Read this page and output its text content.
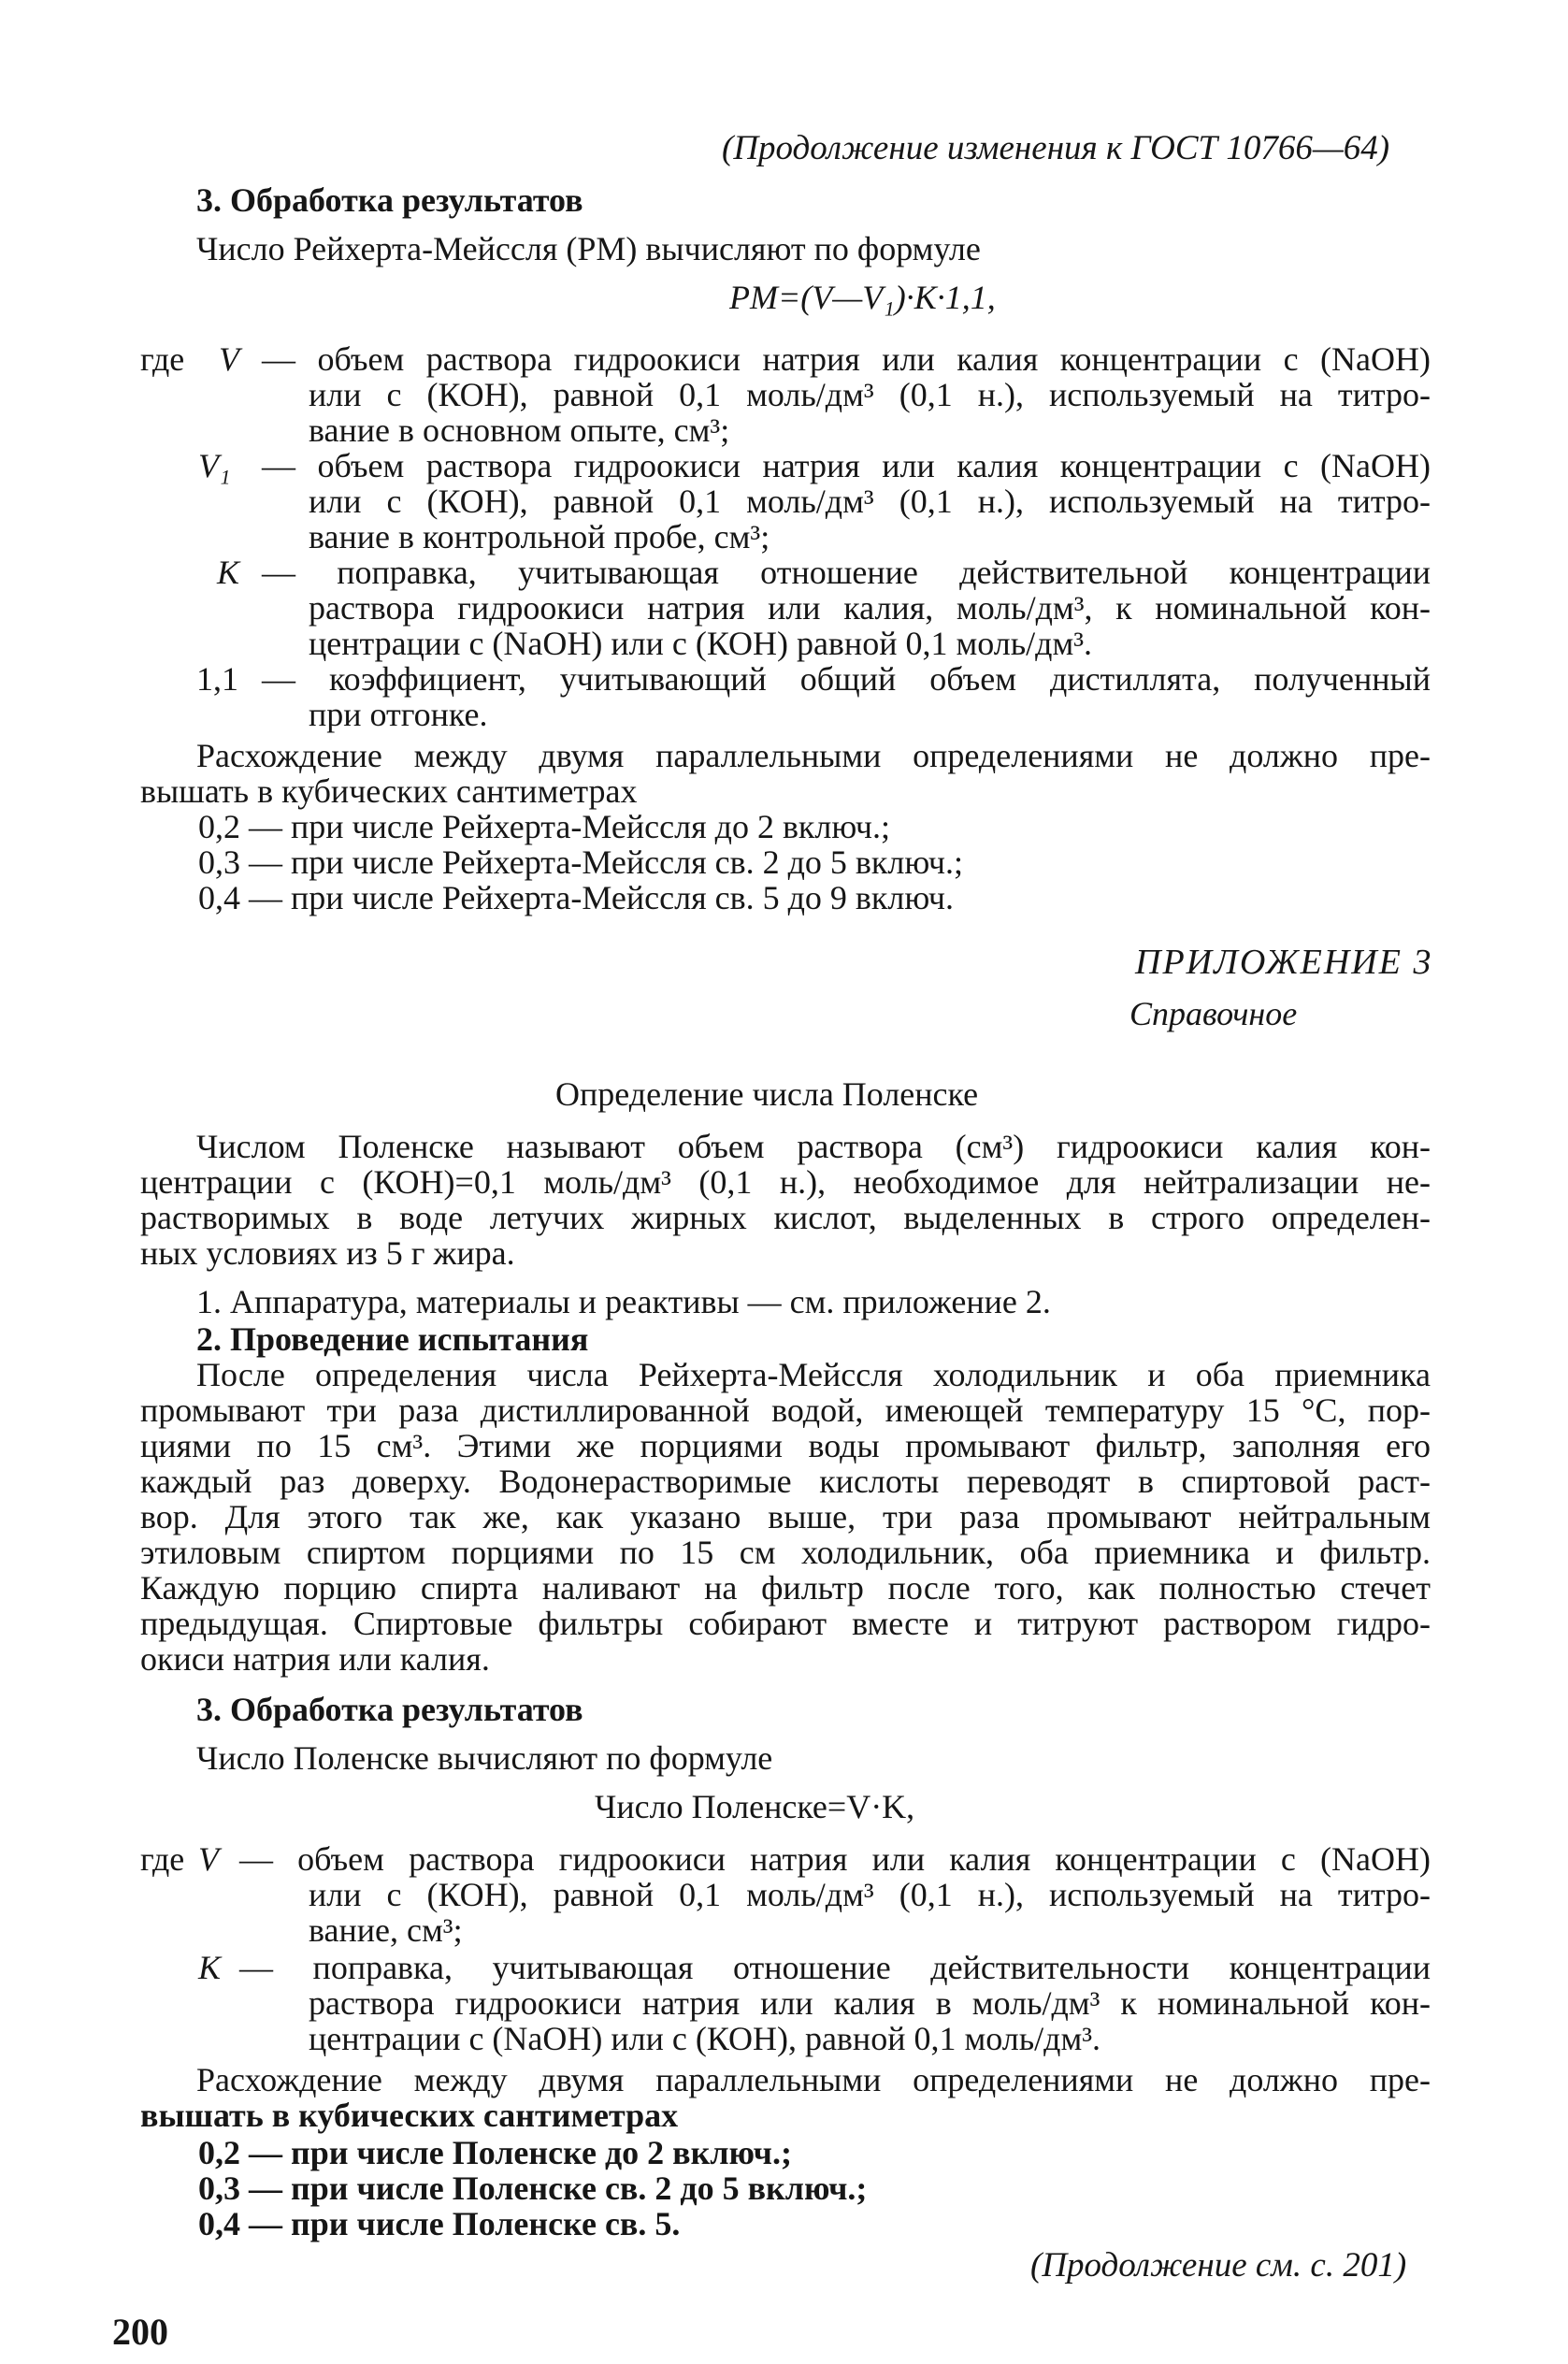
(Продолжение изменения к ГОСТ 10766—64)
3. Обработка результатов
Число Рейхерта-Мейссля (PM) вычисляют по формуле
PM=(V—V₁)·K·1,1,
где V — объем раствора гидроокиси натрия или калия концентрации c (NaOH)
или c (КОН), равной 0,1 моль/дм³ (0,1 н.), используемый на титро-
вание в основном опыте, см³;
V₁ — объем раствора гидроокиси натрия или калия концентрации c (NaOH)
или c (КОН), равной 0,1 моль/дм³ (0,1 н.), используемый на титро-
вание в контрольной пробе, см³;
K — поправка, учитывающая отношение действительной концентрации
раствора гидроокиси натрия или калия, моль/дм³, к номинальной кон-
центрации c (NaOH) или c (КОН) равной 0,1 моль/дм³.
1,1 — коэффициент, учитывающий общий объем дистиллята, полученный
при отгонке.
Расхождение между двумя параллельными определениями не должно пре-
вышать в кубических сантиметрах
0,2 — при числе Рейхерта-Мейссля до 2 включ.;
0,3 — при числе Рейхерта-Мейссля св. 2 до 5 включ.;
0,4 — при числе Рейхерта-Мейссля св. 5 до 9 включ.
ПРИЛОЖЕНИЕ 3
Справочное
Определение числа Поленске
Числом Поленске называют объем раствора (см³) гидроокиси калия кон-
центрации c (КОН)=0,1 моль/дм³ (0,1 н.), необходимое для нейтрализации не-
растворимых в воде летучих жирных кислот, выделенных в строго определен-
ных условиях из 5 г жира.
1. Аппаратура, материалы и реактивы — см. приложение 2.
2. Проведение испытания
После определения числа Рейхерта-Мейссля холодильник и оба приемника
промывают три раза дистиллированной водой, имеющей температуру 15 °С, пор-
циями по 15 см³. Этими же порциями воды промывают фильтр, заполняя его
каждый раз доверху. Водонерастворимые кислоты переводят в спиртовой раст-
вор. Для этого так же, как указано выше, три раза промывают нейтральным
этиловым спиртом порциями по 15 см холодильник, оба приемника и фильтр.
Каждую порцию спирта наливают на фильтр после того, как полностью стечет
предыдущая. Спиртовые фильтры собирают вместе и титруют раствором гидро-
окиси натрия или калия.
3. Обработка результатов
Число Поленске вычисляют по формуле
Число Поленске=V·K,
где V — объем раствора гидроокиси натрия или калия концентрации c (NaOH)
или c (КОН), равной 0,1 моль/дм³ (0,1 н.), используемый на титро-
вание, см³;
K — поправка, учитывающая отношение действительности концентрации
раствора гидроокиси натрия или калия в моль/дм³ к номинальной кон-
центрации c (NaOH) или c (КОН), равной 0,1 моль/дм³.
Расхождение между двумя параллельными определениями не должно пре-
вышать в кубических сантиметрах
0,2 — при числе Поленске до 2 включ.;
0,3 — при числе Поленске св. 2 до 5 включ.;
0,4 — при числе Поленске св. 5.
(Продолжение см. с. 201)
200
